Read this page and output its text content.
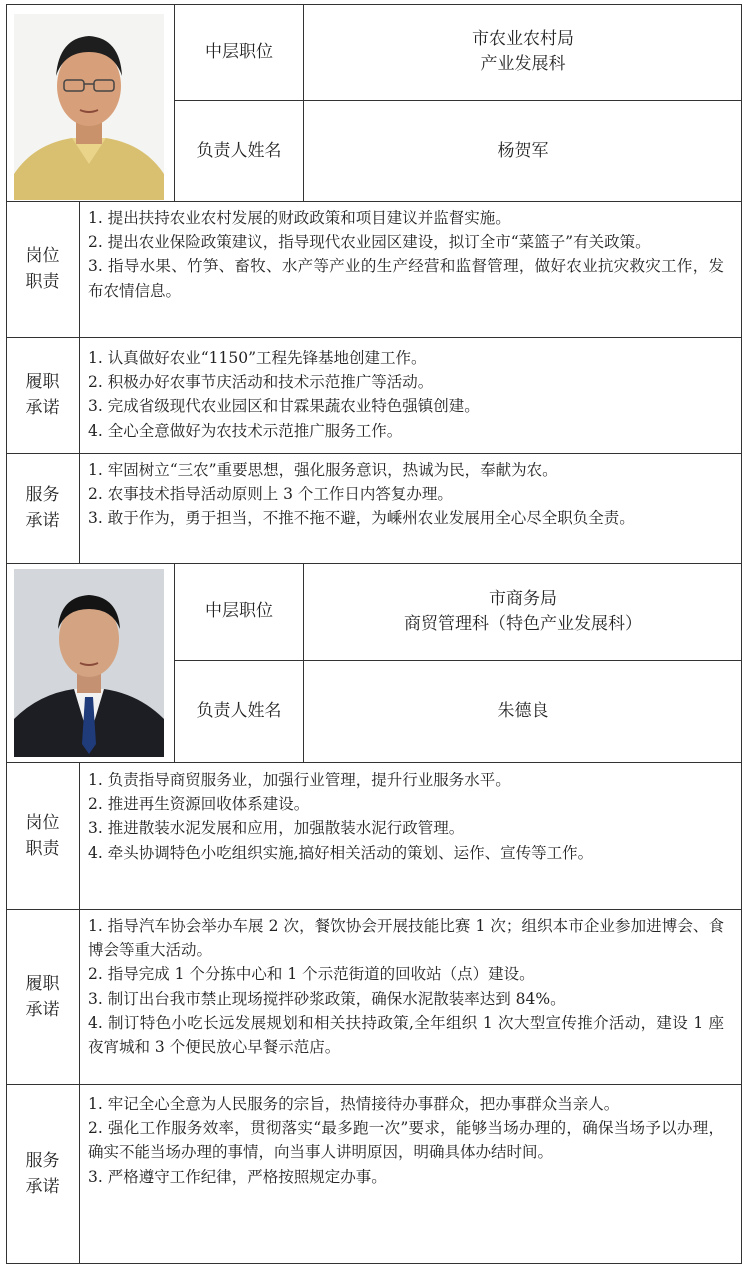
中层职位
市农业农村局
产业发展科
负责人姓名	杨贺军
岗位
职责
1. 提出扶持农业农村发展的财政政策和项目建议并监督实施。
2. 提出农业保险政策建议，指导现代农业园区建设，拟订全市“菜篮子”有关政策。
3. 指导水果、竹笋、畜牧、水产等产业的生产经营和监督管理，做好农业抗灾救灾工作，发布农情信息。
履职
承诺
1. 认真做好农业“1150”工程先锋基地创建工作。
2. 积极办好农事节庆活动和技术示范推广等活动。
3. 完成省级现代农业园区和甘霖果蔬农业特色强镇创建。
4. 全心全意做好为农技术示范推广服务工作。
服务
承诺
1. 牢固树立“三农”重要思想，强化服务意识，热诚为民，奉献为农。
2. 农事技术指导活动原则上 3 个工作日内答复办理。
3. 敢于作为，勇于担当，不推不拖不避，为嵊州农业发展用全心尽全职负全责。
中层职位
市商务局
商贸管理科（特色产业发展科）
负责人姓名	朱德良
岗位
职责
1. 负责指导商贸服务业，加强行业管理，提升行业服务水平。
2. 推进再生资源回收体系建设。
3. 推进散装水泥发展和应用，加强散装水泥行政管理。
4. 牵头协调特色小吃组织实施,搞好相关活动的策划、运作、宣传等工作。
履职
承诺
1. 指导汽车协会举办车展 2 次，餐饮协会开展技能比赛 1 次；组织本市企业参加进博会、食博会等重大活动。
2. 指导完成 1 个分拣中心和 1 个示范街道的回收站（点）建设。
3. 制订出台我市禁止现场搅拌砂浆政策，确保水泥散装率达到 84%。
4. 制订特色小吃长远发展规划和相关扶持政策,全年组织 1 次大型宣传推介活动，建设 1 座夜宵城和 3 个便民放心早餐示范店。
服务
承诺
1. 牢记全心全意为人民服务的宗旨，热情接待办事群众，把办事群众当亲人。
2. 强化工作服务效率，贯彻落实“最多跑一次”要求，能够当场办理的，确保当场予以办理，确实不能当场办理的事情，向当事人讲明原因，明确具体办结时间。
3. 严格遵守工作纪律，严格按照规定办事。
